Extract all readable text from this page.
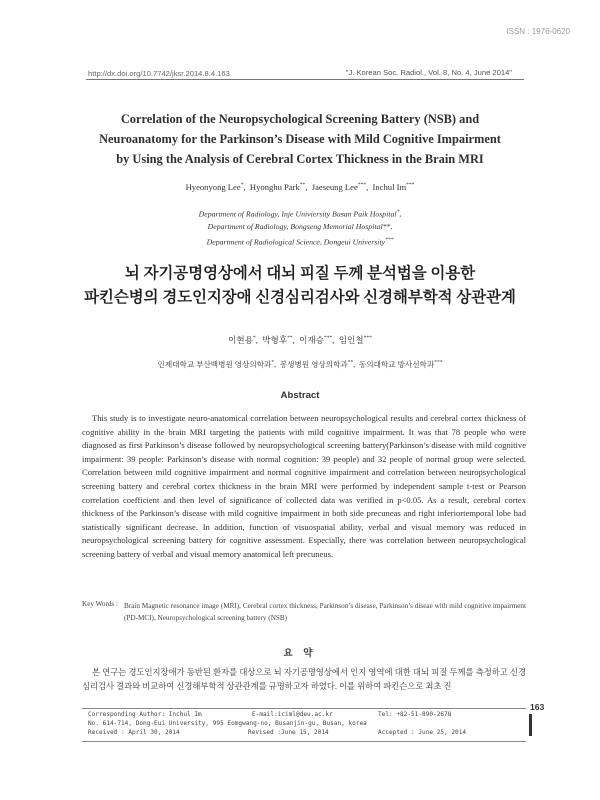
ISSN : 1976-0620
http://dx.doi.org/10.7742/jksr.2014.8.4.163	"J. Korean Soc. Radiol., Vol. 8, No. 4, June 2014"
Correlation of the Neuropsychological Screening Battery (NSB) and
Neuroanatomy for the Parkinson’s Disease with Mild Cognitive Impairment
by Using the Analysis of Cerebral Cortex Thickness in the Brain MRI
Hyeonyong Lee*,  Hyonghu Park**,  Jaeseung Lee***,  Inchul Im***
Department of Radiology, Inje Univiersity Busan Paik Hospital*,
Department of Radiology, Bongseng Memorial Hospital**,
Department of Radiological Science, Dongeui University***
뇌 자기공명영상에서 대뇌 피질 두께 분석법을 이용한
파킨슨병의 경도인지장애 신경심리검사와 신경해부학적 상관관계
이현용*,  박형후**,  이재승***,  임인철***
인제대학교 부산백병원 영상의학과*,  봉생병원 영상의학과**,  동의대학교 방사선학과***
Abstract
This study is to investigate neuro-anatomical correlation between neuropsychological results and cerebral cortex thickness of cognitive ability in the brain MRI targeting the patients with mild cognitive impairment. It was that 78 people who were diagnosed as first Parkinson’s disease followed by neuropsychological screening battery(Parkinson’s disease with mild cognitive impairment: 39 people: Parkinson’s disease with normal cognition: 39 people) and 32 people of normal group were selected. Correlation between mild cognitive impairment and normal cognitive impairment and correlation between neuropsychological screening battery and cerebral cortex thickness in the brain MRI were performed by independent sample t-test or Pearson correlation coefficient and then level of significance of collected data was verified in p<0.05. As a result, cerebral cortex thickness of the Parkinson’s disease with mild cognitive impairment in both side precuneas and right inferiortemporal lobe had statistically significant decrease. In addition, function of visuospatial ability, verbal and visual memory was reduced in neuropsychological screening battery for cognitive assessment. Especially, there was correlation between neuropsychological screening battery of verbal and visual memory anatomical left precuneus.
Key Words : Brain Magnetic resonance image (MRI), Cerebral cortex thickness, Parkinson’s disease, Parkinson’s diseae with mild cognitive impairment (PD-MCI), Neuropsychological screening battery (NSB)
요 약
본 연구는 경도인지장애가 동반된 환자를 대상으로 뇌 자기공명영상에서 인지 영역에 대한 대뇌 피질 두께를 측정하고 신경심리검사 결과와 비교하여 신경해부학적 상관관계를 규명하고자 하였다. 이를 위하여 파킨슨으로 최초 진
Corresponding Author: Inchul Im	E-mail:iciml@deu.ac.kr	Tel: +82-51-890-2678
No. 614-714, Dong-Eui University, 995 Eomgwang-no, Busanjin-gu, Busan, korea
Received : April 30, 2014	Revised :June 15, 2014	Accepted : June 25, 2014
163
